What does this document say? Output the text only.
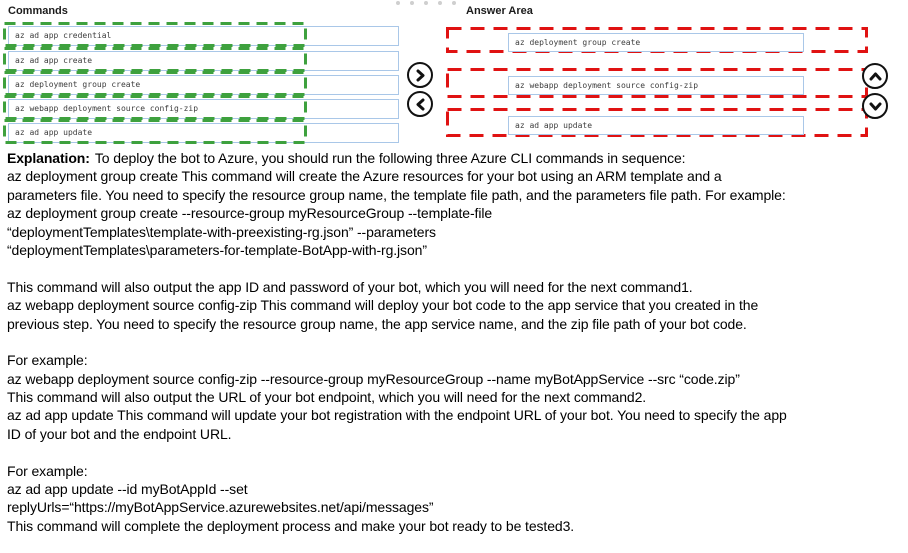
Commands
az ad app credential
az ad app create
az deployment group create
az webapp deployment source config-zip
az ad app update
Answer Area
az deployment group create
az webapp deployment source config-zip
az ad app update
Explanation: To deploy the bot to Azure, you should run the following three Azure CLI commands in sequence:
az deployment group create This command will create the Azure resources for your bot using an ARM template and a
parameters file. You need to specify the resource group name, the template file path, and the parameters file path. For example:
az deployment group create --resource-group myResourceGroup --template-file
“deploymentTemplates\template-with-preexisting-rg.json” --parameters
“deploymentTemplates\parameters-for-template-BotApp-with-rg.json”
This command will also output the app ID and password of your bot, which you will need for the next command1.
az webapp deployment source config-zip This command will deploy your bot code to the app service that you created in the
previous step. You need to specify the resource group name, the app service name, and the zip file path of your bot code.
For example:
az webapp deployment source config-zip --resource-group myResourceGroup --name myBotAppService --src “code.zip”
This command will also output the URL of your bot endpoint, which you will need for the next command2.
az ad app update This command will update your bot registration with the endpoint URL of your bot. You need to specify the app
ID of your bot and the endpoint URL.
For example:
az ad app update --id myBotAppId --set
replyUrls=“https://myBotAppService.azurewebsites.net/api/messages”
This command will complete the deployment process and make your bot ready to be tested3.
